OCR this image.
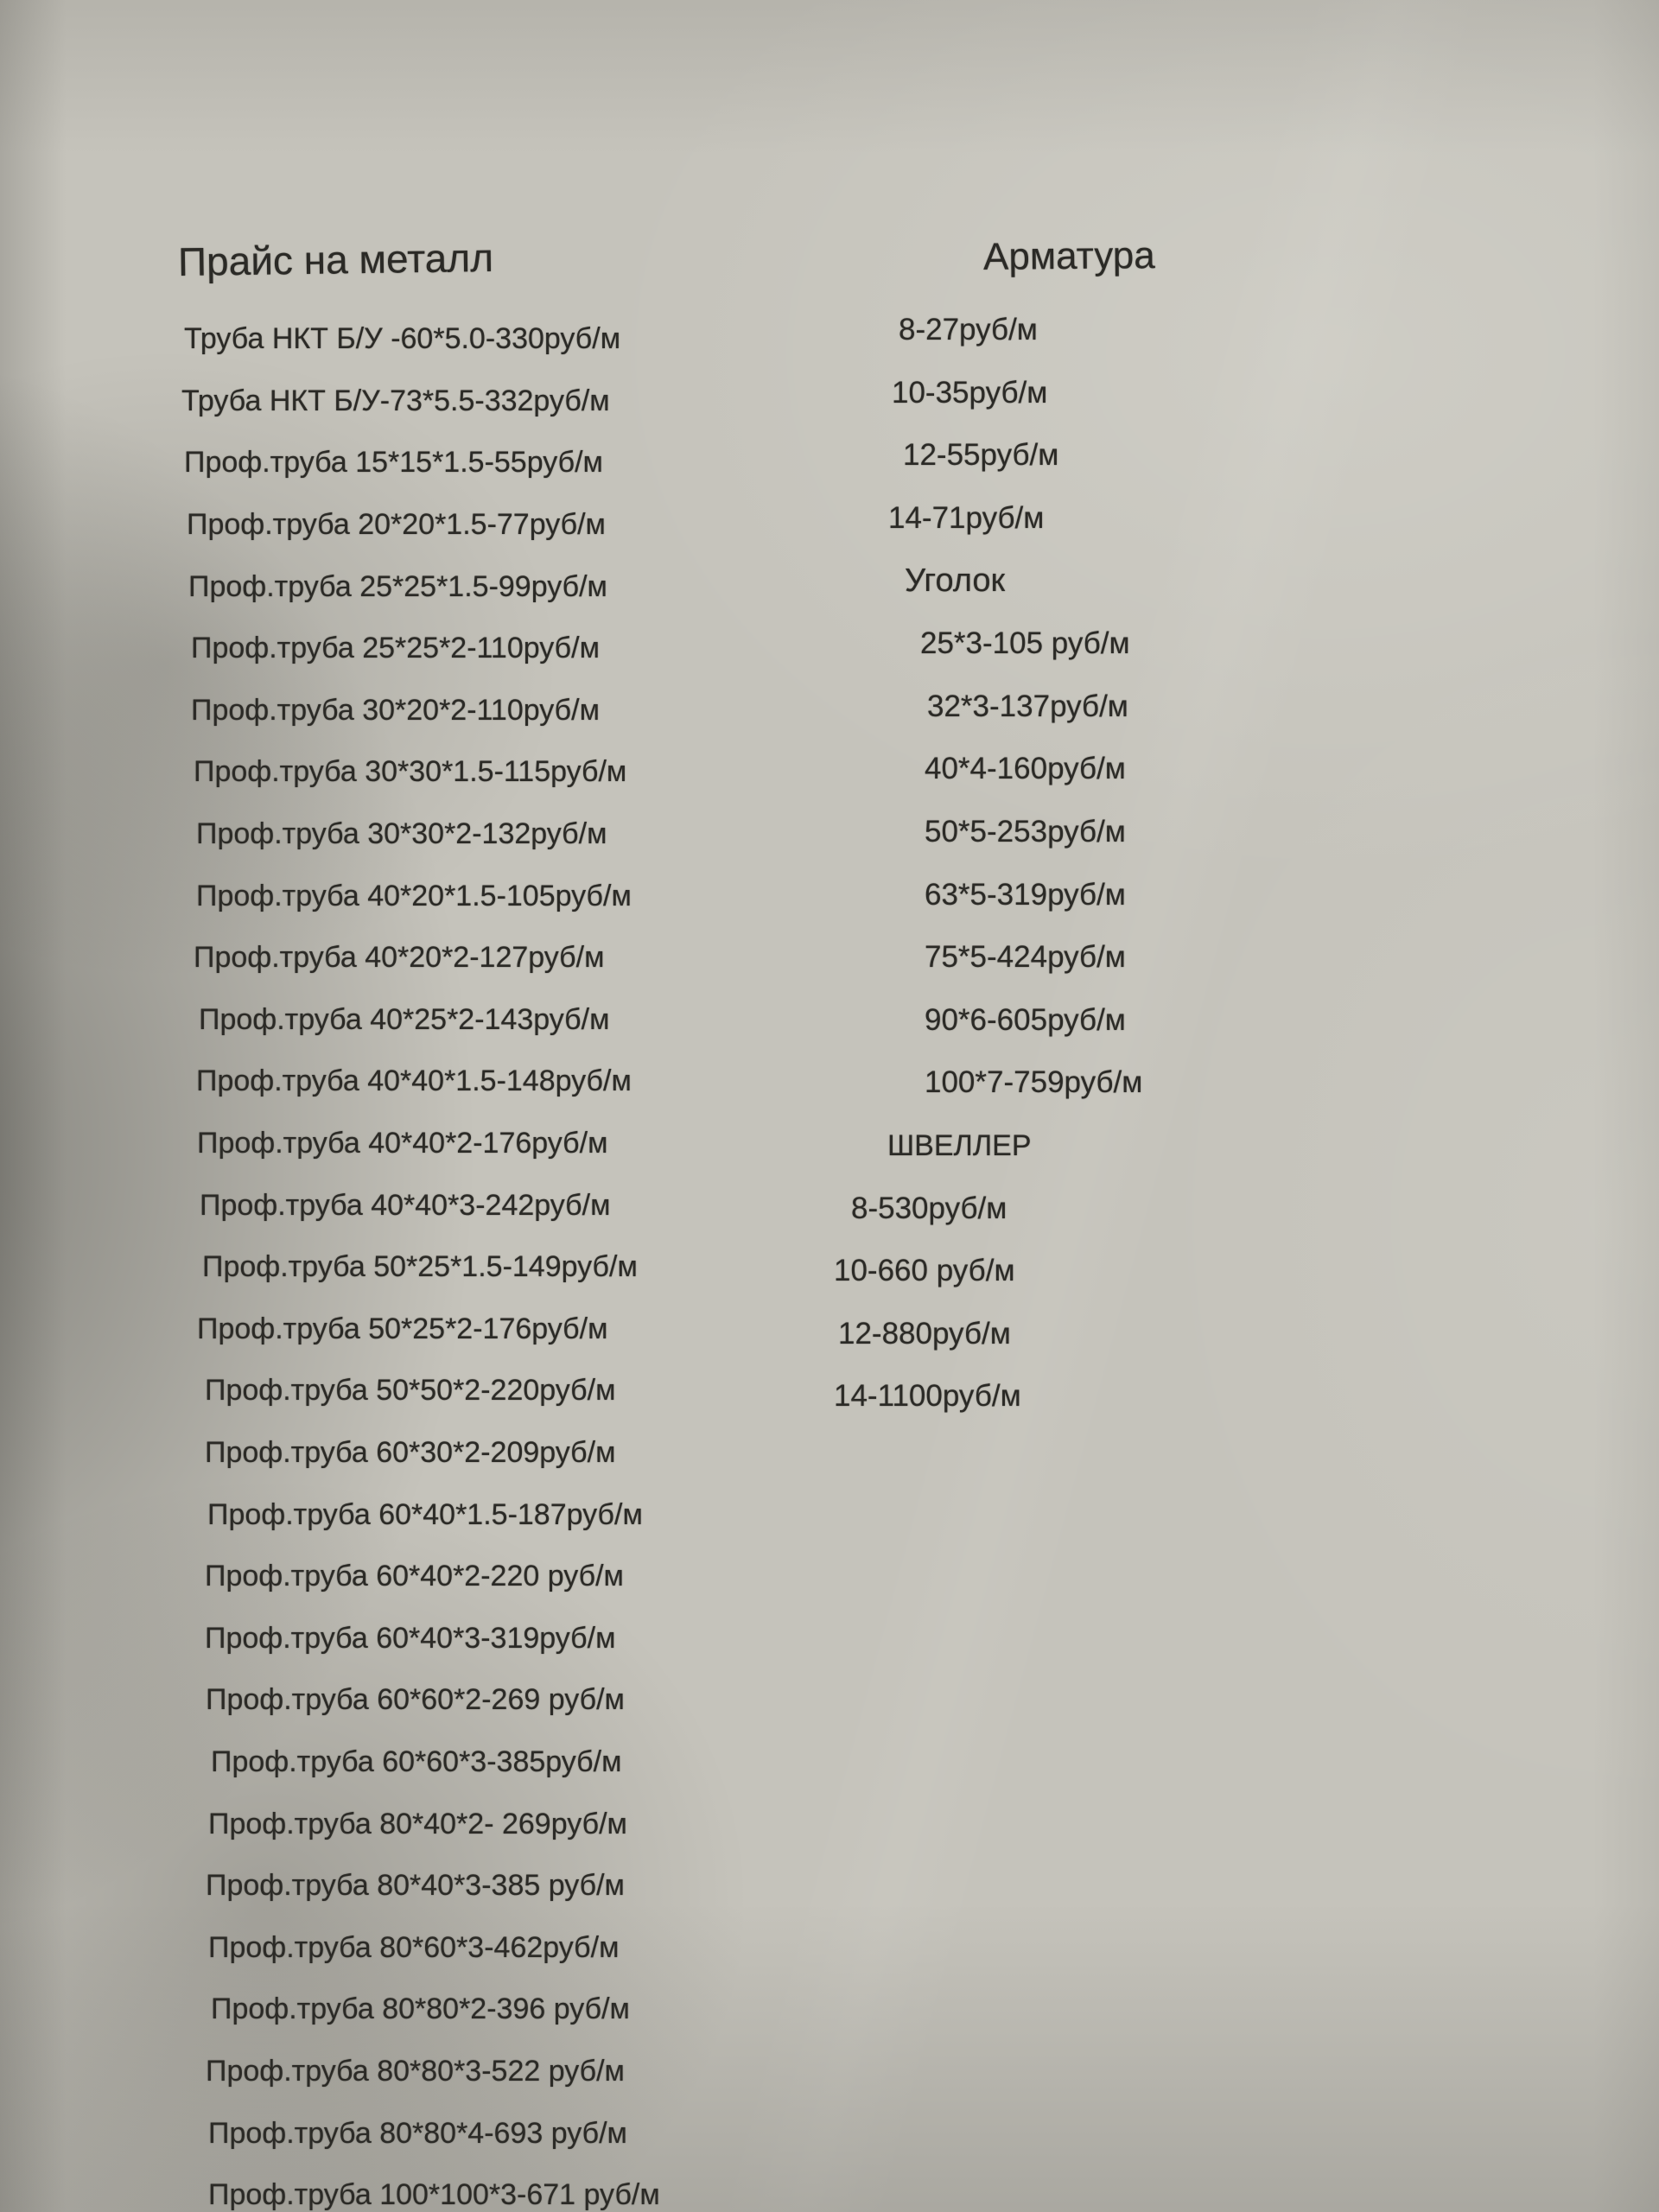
Прайс на металл
Труба НКТ Б/У -60*5.0-330руб/м
Труба НКТ Б/У-73*5.5-332руб/м
Проф.труба 15*15*1.5-55руб/м
Проф.труба 20*20*1.5-77руб/м
Проф.труба 25*25*1.5-99руб/м
Проф.труба 25*25*2-110руб/м
Проф.труба 30*20*2-110руб/м
Проф.труба 30*30*1.5-115руб/м
Проф.труба 30*30*2-132руб/м
Проф.труба 40*20*1.5-105руб/м
Проф.труба 40*20*2-127руб/м
Проф.труба 40*25*2-143руб/м
Проф.труба 40*40*1.5-148руб/м
Проф.труба 40*40*2-176руб/м
Проф.труба 40*40*3-242руб/м
Проф.труба 50*25*1.5-149руб/м
Проф.труба 50*25*2-176руб/м
Проф.труба 50*50*2-220руб/м
Проф.труба 60*30*2-209руб/м
Проф.труба 60*40*1.5-187руб/м
Проф.труба 60*40*2-220 руб/м
Проф.труба 60*40*3-319руб/м
Проф.труба 60*60*2-269 руб/м
Проф.труба 60*60*3-385руб/м
Проф.труба 80*40*2- 269руб/м
Проф.труба 80*40*3-385 руб/м
Проф.труба 80*60*3-462руб/м
Проф.труба 80*80*2-396 руб/м
Проф.труба 80*80*3-522 руб/м
Проф.труба 80*80*4-693 руб/м
Проф.труба 100*100*3-671 руб/м
Арматура
8-27руб/м
10-35руб/м
12-55руб/м
14-71руб/м
Уголок
25*3-105 руб/м
32*3-137руб/м
40*4-160руб/м
50*5-253руб/м
63*5-319руб/м
75*5-424руб/м
90*6-605руб/м
100*7-759руб/м
ШВЕЛЛЕР
8-530руб/м
10-660 руб/м
12-880руб/м
14-1100руб/м
